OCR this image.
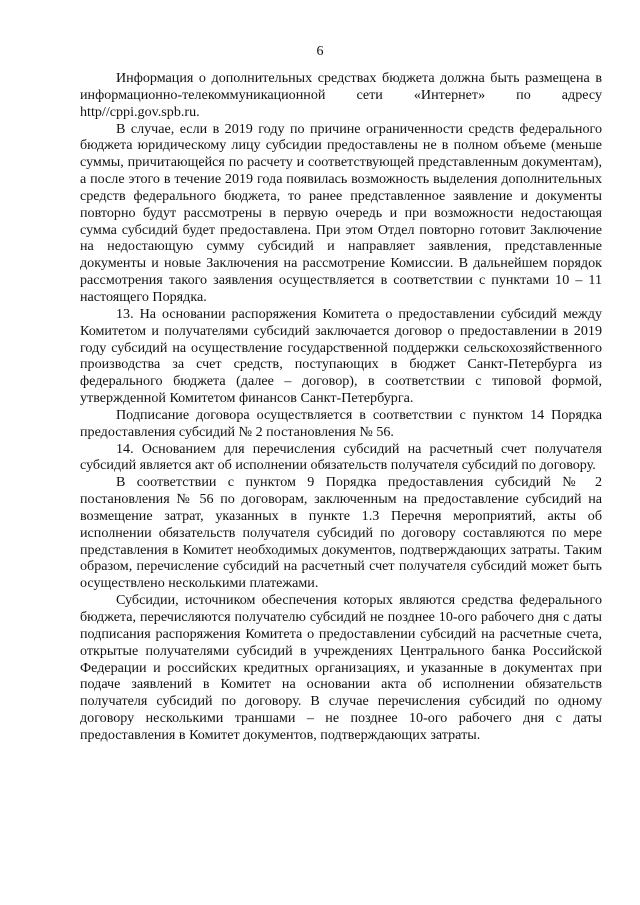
6

Информация о дополнительных средствах бюджета должна быть размещена в информационно-телекоммуникационной сети «Интернет» по адресу http//cppi.gov.spb.ru.

В случае, если в 2019 году по причине ограниченности средств федерального бюджета юридическому лицу субсидии предоставлены не в полном объеме (меньше суммы, причитающейся по расчету и соответствующей представленным документам), а после этого в течение 2019 года появилась возможность выделения дополнительных средств федерального бюджета, то ранее представленное заявление и документы повторно будут рассмотрены в первую очередь и при возможности недостающая сумма субсидий будет предоставлена. При этом Отдел повторно готовит Заключение на недостающую сумму субсидий и направляет заявления, представленные документы и новые Заключения на рассмотрение Комиссии. В дальнейшем порядок рассмотрения такого заявления осуществляется в соответствии с пунктами 10 – 11 настоящего Порядка.

13. На основании распоряжения Комитета о предоставлении субсидий между Комитетом и получателями субсидий заключается договор о предоставлении в 2019 году субсидий на осуществление государственной поддержки сельскохозяйственного производства за счет средств, поступающих в бюджет Санкт-Петербурга из федерального бюджета (далее – договор), в соответствии с типовой формой, утвержденной Комитетом финансов Санкт-Петербурга.

Подписание договора осуществляется в соответствии с пунктом 14 Порядка предоставления субсидий № 2 постановления № 56.

14. Основанием для перечисления субсидий на расчетный счет получателя субсидий является акт об исполнении обязательств получателя субсидий по договору.

В соответствии с пунктом 9 Порядка предоставления субсидий № 2 постановления № 56 по договорам, заключенным на предоставление субсидий на возмещение затрат, указанных в пункте 1.3 Перечня мероприятий, акты об исполнении обязательств получателя субсидий по договору составляются по мере представления в Комитет необходимых документов, подтверждающих затраты. Таким образом, перечисление субсидий на расчетный счет получателя субсидий может быть осуществлено несколькими платежами.

Субсидии, источником обеспечения которых являются средства федерального бюджета, перечисляются получателю субсидий не позднее 10-ого рабочего дня с даты подписания распоряжения Комитета о предоставлении субсидий на расчетные счета, открытые получателями субсидий в учреждениях Центрального банка Российской Федерации и российских кредитных организациях, и указанные в документах при подаче заявлений в Комитет на основании акта об исполнении обязательств получателя субсидий по договору. В случае перечисления субсидий по одному договору несколькими траншами – не позднее 10-ого рабочего дня с даты предоставления в Комитет документов, подтверждающих затраты.
